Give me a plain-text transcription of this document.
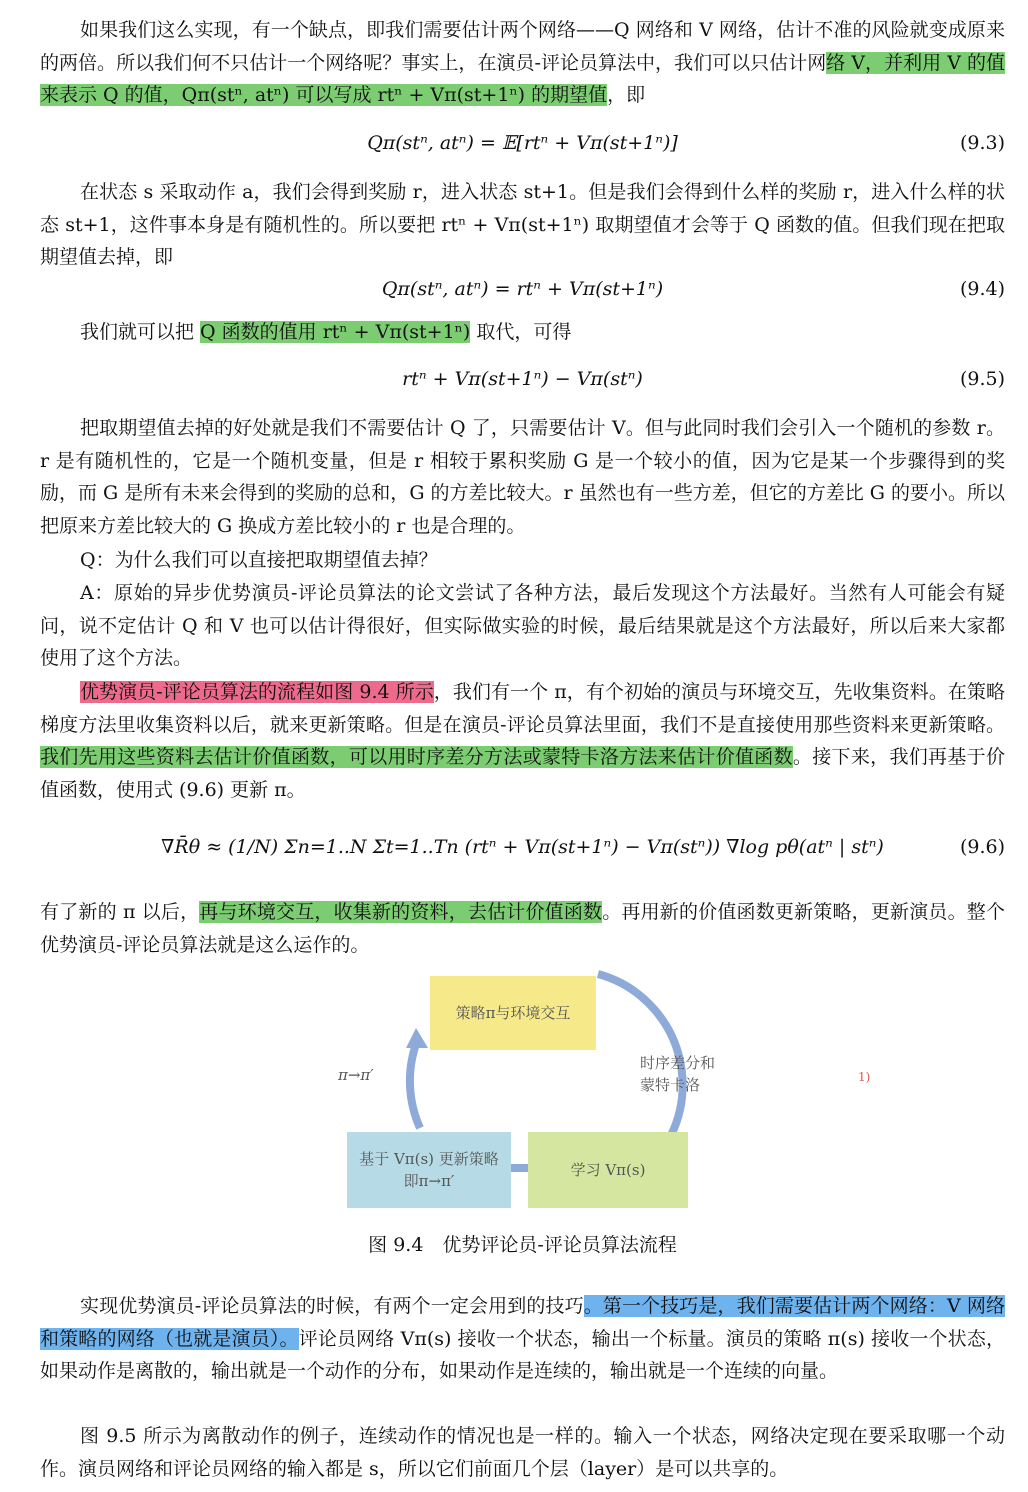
如果我们这么实现，有一个缺点，即我们需要估计两个网络——Q 网络和 V 网络，估计不准的风险就变成原来的两倍。所以我们何不只估计一个网络呢？事实上，在演员-评论员算法中，我们可以只估计网络 V，并利用 V 的值来表示 Q 的值，Qπ(stⁿ, atⁿ) 可以写成 rtⁿ + Vπ(st+1ⁿ) 的期望值，即

Qπ(stⁿ, atⁿ) = 𝔼[rtⁿ + Vπ(st+1ⁿ)]	(9.3)

在状态 s 采取动作 a，我们会得到奖励 r，进入状态 st+1。但是我们会得到什么样的奖励 r，进入什么样的状态 st+1，这件事本身是有随机性的。所以要把 rtⁿ + Vπ(st+1ⁿ) 取期望值才会等于 Q 函数的值。但我们现在把取期望值去掉，即

Qπ(stⁿ, atⁿ) = rtⁿ + Vπ(st+1ⁿ)	(9.4)

我们就可以把 Q 函数的值用 rtⁿ + Vπ(st+1ⁿ) 取代，可得

rtⁿ + Vπ(st+1ⁿ) − Vπ(stⁿ)	(9.5)

把取期望值去掉的好处就是我们不需要估计 Q 了，只需要估计 V。但与此同时我们会引入一个随机的参数 r。r 是有随机性的，它是一个随机变量，但是 r 相较于累积奖励 G 是一个较小的值，因为它是某一个步骤得到的奖励，而 G 是所有未来会得到的奖励的总和，G 的方差比较大。r 虽然也有一些方差，但它的方差比 G 的要小。所以把原来方差比较大的 G 换成方差比较小的 r 也是合理的。

Q：为什么我们可以直接把取期望值去掉？

A：原始的异步优势演员-评论员算法的论文尝试了各种方法，最后发现这个方法最好。当然有人可能会有疑问，说不定估计 Q 和 V 也可以估计得很好，但实际做实验的时候，最后结果就是这个方法最好，所以后来大家都使用了这个方法。

优势演员-评论员算法的流程如图 9.4 所示，我们有一个 π，有个初始的演员与环境交互，先收集资料。在策略梯度方法里收集资料以后，就来更新策略。但是在演员-评论员算法里面，我们不是直接使用那些资料来更新策略。我们先用这些资料去估计价值函数，可以用时序差分方法或蒙特卡洛方法来估计价值函数。接下来，我们再基于价值函数，使用式 (9.6) 更新 π。

∇R̄θ ≈ (1/N) Σn=1..N Σt=1..Tn (rtⁿ + Vπ(st+1ⁿ) − Vπ(stⁿ)) ∇log pθ(atⁿ | stⁿ)	(9.6)

有了新的 π 以后，再与环境交互，收集新的资料，去估计价值函数。再用新的价值函数更新策略，更新演员。整个优势演员-评论员算法就是这么运作的。

策略π与环境交互
学习 Vπ(s)
基于 Vπ(s) 更新策略
即π→π′
时序差分和
蒙特卡洛
π→π′	1)
图 9.4　优势评论员-评论员算法流程

实现优势演员-评论员算法的时候，有两个一定会用到的技巧。第一个技巧是，我们需要估计两个网络：V 网络和策略的网络（也就是演员）。评论员网络 Vπ(s) 接收一个状态，输出一个标量。演员的策略 π(s) 接收一个状态，如果动作是离散的，输出就是一个动作的分布，如果动作是连续的，输出就是一个连续的向量。

图 9.5 所示为离散动作的例子，连续动作的情况也是一样的。输入一个状态，网络决定现在要采取哪一个动作。演员网络和评论员网络的输入都是 s，所以它们前面几个层（layer）是可以共享的。
